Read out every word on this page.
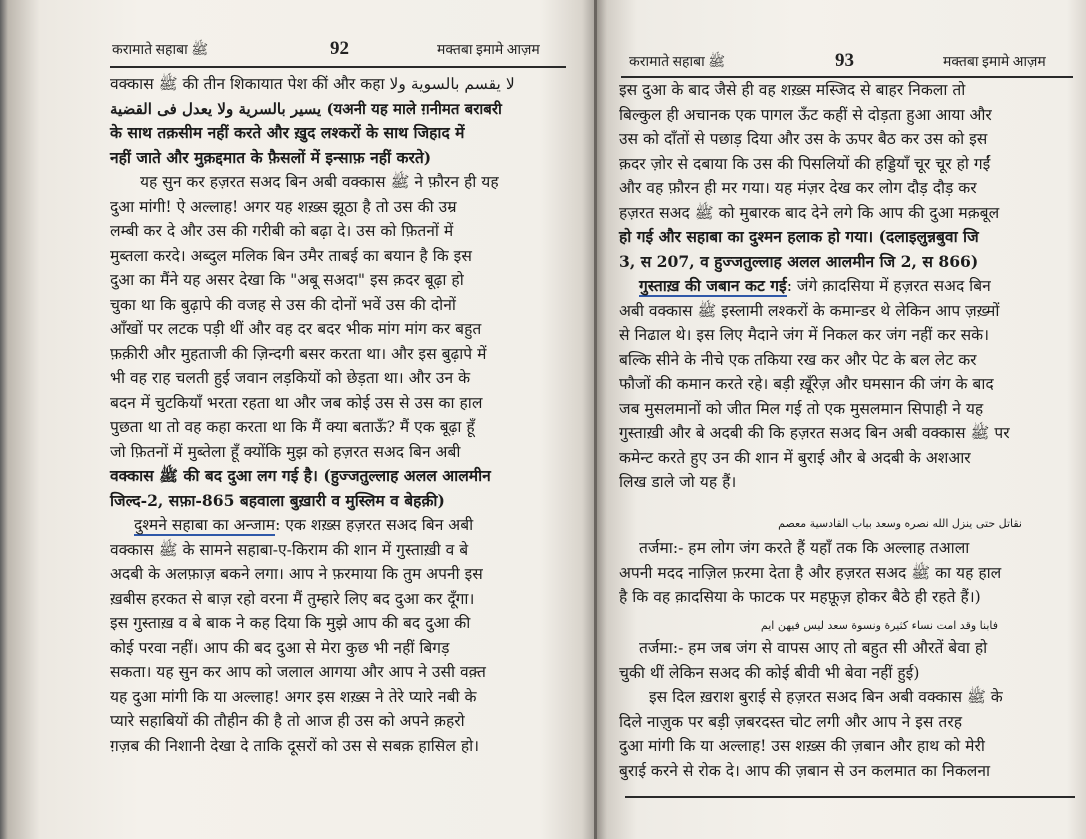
करामाते सहाबा ﷺ	92	मक्तबा इमामे आज़म
वक्कास ﷺ की तीन शिकायात पेश कीं और कहा لا يقسم بالسوية ولا
يسير بالسرية ولا يعدل فى القضية (यअनी यह माले ग़नीमत बराबरी
के साथ तक़सीम नहीं करते और ख़ुद लश्करों के साथ जिहाद में
नहीं जाते और मुक़द्दमात के फ़ैसलों में इन्साफ़ नहीं करते)
यह सुन कर हज़रत सअद बिन अबी वक्कास ﷺ ने फ़ौरन ही यह
दुआ मांगी! ऐ अल्लाह! अगर यह शख़्स झूठा है तो उस की उम्र
लम्बी कर दे और उस की गरीबी को बढ़ा दे। उस को फ़ितनों में
मुब्तला करदे। अब्दुल मलिक बिन उमैर ताबई का बयान है कि इस
दुआ का मैंने यह असर देखा कि "अबू सअदा" इस क़दर बूढ़ा हो
चुका था कि बुढ़ापे की वजह से उस की दोनों भवें उस की दोनों
आँखों पर लटक पड़ी थीं और वह दर बदर भीक मांग मांग कर बहुत
फ़क़ीरी और मुहताजी की ज़िन्दगी बसर करता था। और इस बुढ़ापे में
भी वह राह चलती हुई जवान लड़कियों को छेड़ता था। और उन के
बदन में चुटकियाँ भरता रहता था और जब कोई उस से उस का हाल
पुछता था तो वह कहा करता था कि मैं क्या बताऊँ? मैं एक बूढ़ा हूँ
जो फ़ितनों में मुब्तेला हूँ क्योंकि मुझ को हज़रत सअद बिन अबी
वक्कास ﷺ की बद दुआ लग गई है। (हुज्जतुल्लाह अलल आलमीन
जिल्द-2, सफ़ा-865 बहवाला बुख़ारी व मुस्लिम व बेहक़ी)
दुश्मने सहाबा का अन्जाम: एक शख़्स हज़रत सअद बिन अबी
वक्कास ﷺ के सामने सहाबा-ए-किराम की शान में गुस्ताख़ी व बे
अदबी के अलफ़ाज़ बकने लगा। आप ने फ़रमाया कि तुम अपनी इस
ख़बीस हरकत से बाज़ रहो वरना मैं तुम्हारे लिए बद दुआ कर दूँगा।
इस गुस्ताख़ व बे बाक ने कह दिया कि मुझे आप की बद दुआ की
कोई परवा नहीं। आप की बद दुआ से मेरा कुछ भी नहीं बिगड़
सकता। यह सुन कर आप को जलाल आगया और आप ने उसी वक़्त
यह दुआ मांगी कि या अल्लाह! अगर इस शख़्स ने तेरे प्यारे नबी के
प्यारे सहाबियों की तौहीन की है तो आज ही उस को अपने क़हरो
ग़ज़ब की निशानी देखा दे ताकि दूसरों को उस से सबक़ हासिल हो।
करामाते सहाबा ﷺ	93	मक्तबा इमामे आज़म
इस दुआ के बाद जैसे ही वह शख़्स मस्जिद से बाहर निकला तो
बिल्कुल ही अचानक एक पागल ऊँट कहीं से दोड़ता हुआ आया और
उस को दाँतों से पछाड़ दिया और उस के ऊपर बैठ कर उस को इस
क़दर ज़ोर से दबाया कि उस की पिसलियों की हड्डियाँ चूर चूर हो गईं
और वह फ़ौरन ही मर गया। यह मंज़र देख कर लोग दौड़ दौड़ कर
हज़रत सअद ﷺ को मुबारक बाद देने लगे कि आप की दुआ मक़बूल
हो गई और सहाबा का दुश्मन हलाक हो गया। (दलाइलुन्नबुवा जि
3, स 207, व हुज्जतुल्लाह अलल आलमीन जि 2, स 866)
गुस्ताख़ की जबान कट गई: जंगे क़ादसिया में हज़रत सअद बिन
अबी वक्कास ﷺ इस्लामी लश्करों के कमान्डर थे लेकिन आप ज़ख़्मों
से निढाल थे। इस लिए मैदाने जंग में निकल कर जंग नहीं कर सके।
बल्कि सीने के नीचे एक तकिया रख कर और पेट के बल लेट कर
फौजों की कमान करते रहे। बड़ी ख़ूँरेज़ और घमसान की जंग के बाद
जब मुसलमानों को जीत मिल गई तो एक मुसलमान सिपाही ने यह
गुस्ताख़ी और बे अदबी की कि हज़रत सअद बिन अबी वक्कास ﷺ पर
कमेन्ट करते हुए उन की शान में बुराई और बे अदबी के अशआर
लिख डाले जो यह हैं।
نقاتل حتى ينزل الله نصره وسعد بباب القادسية معصم
तर्जमा:- हम लोग जंग करते हैं यहाँ तक कि अल्लाह तआला
अपनी मदद नाज़िल फ़रमा देता है और हज़रत सअद ﷺ का यह हाल
है कि वह क़ादसिया के फाटक पर महफ़ूज़ होकर बैठे ही रहते हैं।)
فابنا وقد امت نساء كثيرة ونسوة سعد ليس فيهن ايم
तर्जमा:- हम जब जंग से वापस आए तो बहुत सी औरतें बेवा हो
चुकी थीं लेकिन सअद की कोई बीवी भी बेवा नहीं हुई)
इस दिल ख़राश बुराई से हज़रत सअद बिन अबी वक्कास ﷺ के
दिले नाज़ुक पर बड़ी ज़बरदस्त चोट लगी और आप ने इस तरह
दुआ मांगी कि या अल्लाह! उस शख़्स की ज़बान और हाथ को मेरी
बुराई करने से रोक दे। आप की ज़बान से उन कलमात का निकलना
